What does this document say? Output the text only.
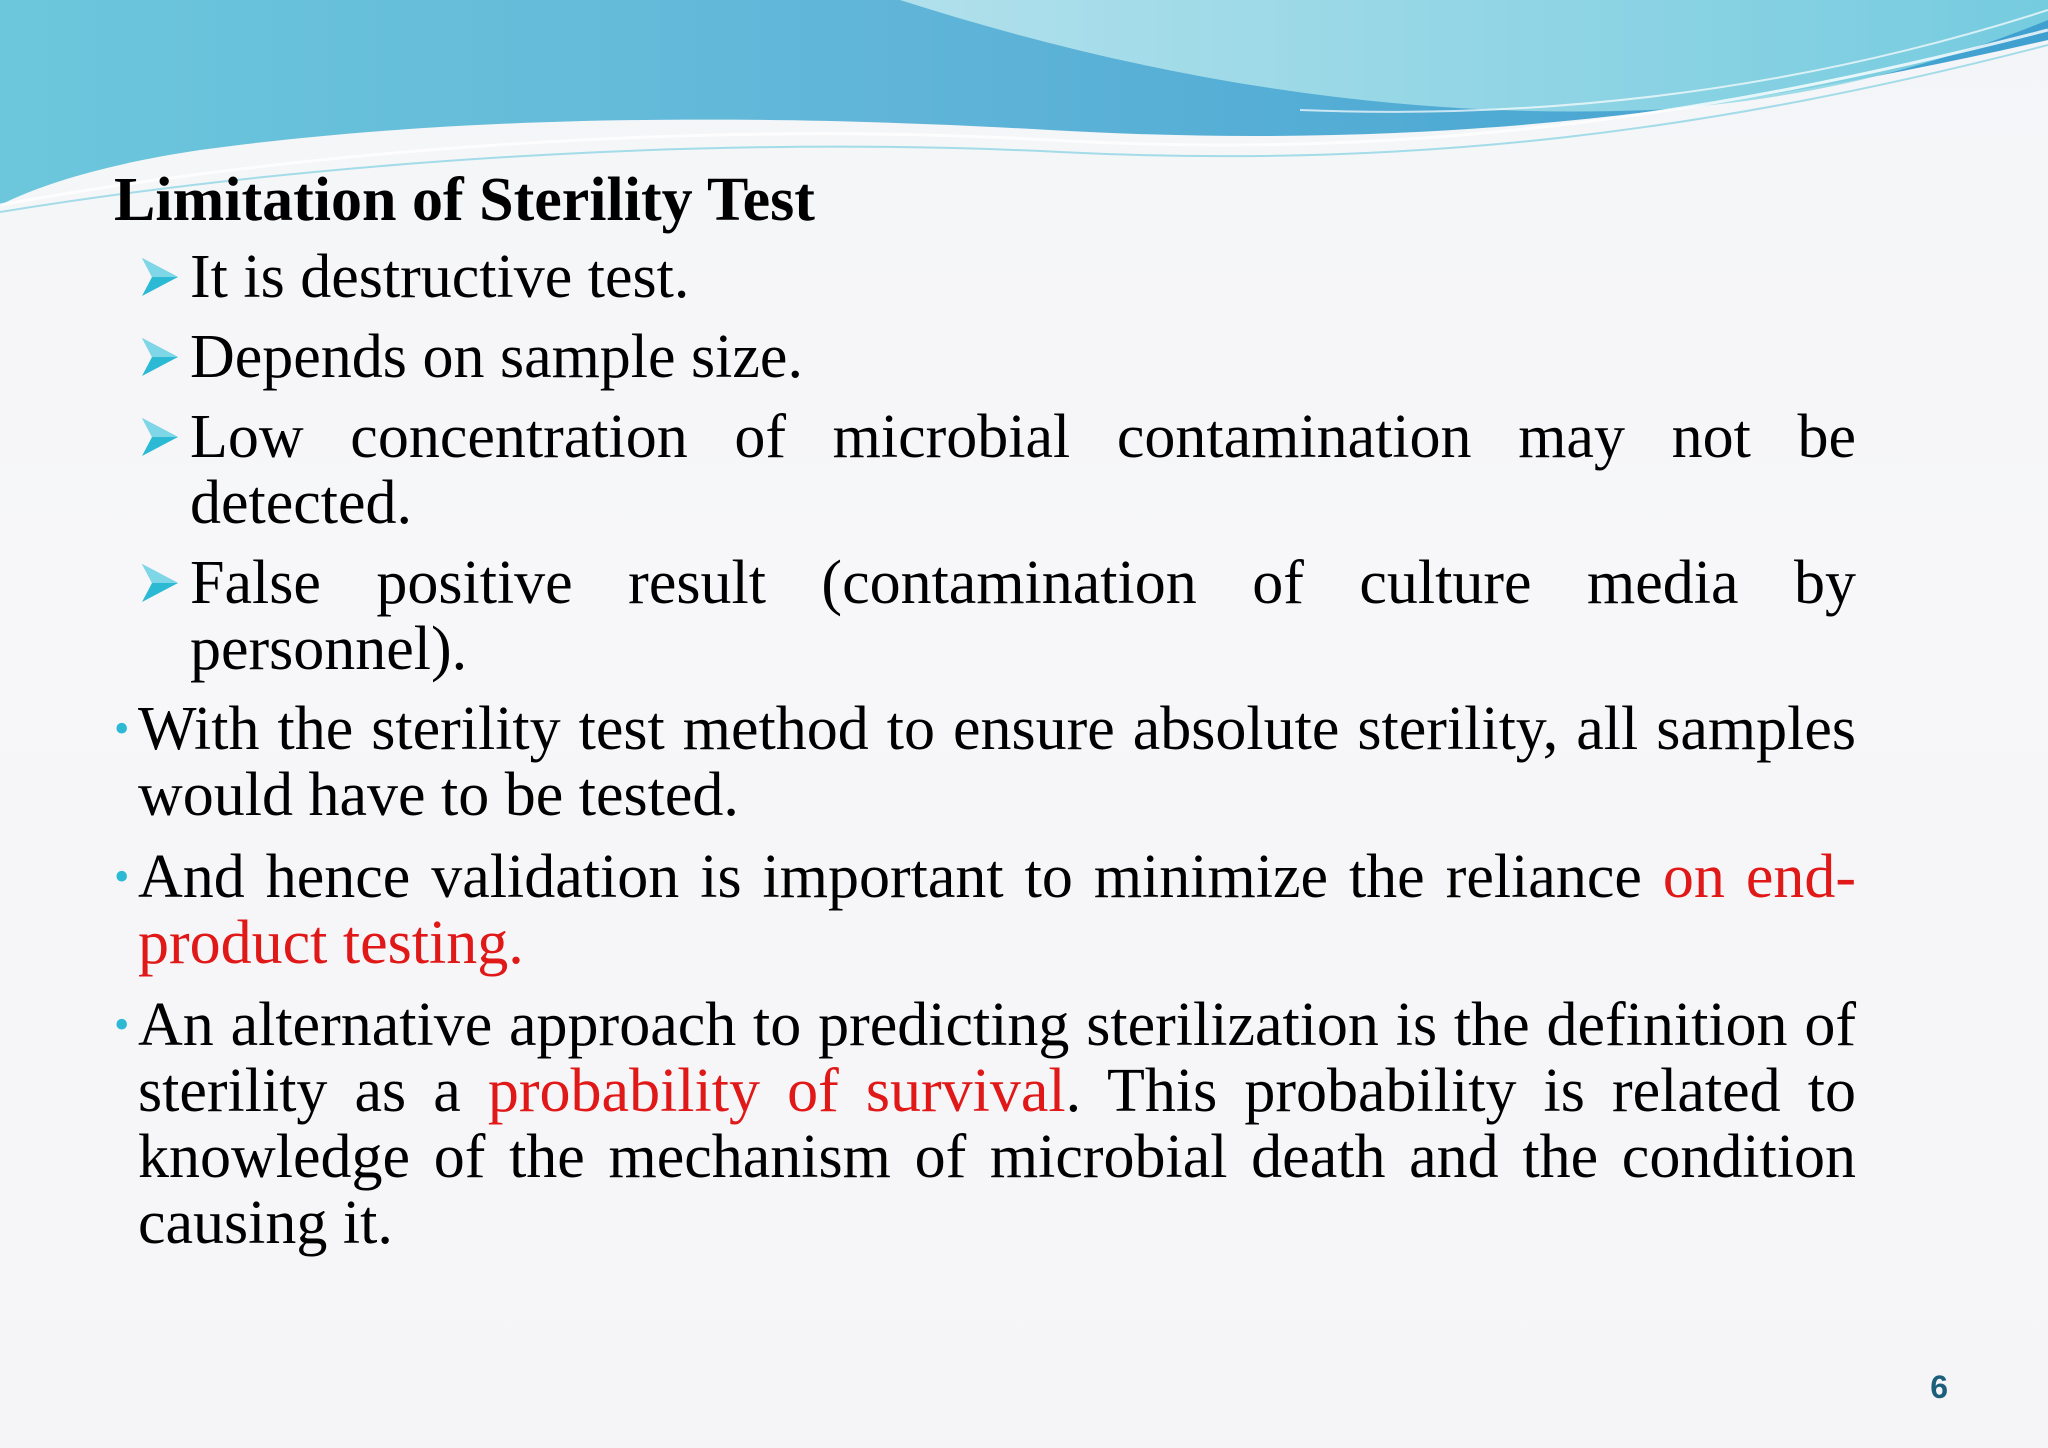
Limitation of Sterility Test
It is destructive test.
Depends on sample size.
Low concentration of microbial contamination may not be detected.
False positive result (contamination of culture media by personnel).
• With the sterility test method to ensure absolute sterility, all samples would have to be tested.
• And hence validation is important to minimize the reliance on end-product testing.
• An alternative approach to predicting sterilization is the definition of sterility as a probability of survival. This probability is related to knowledge of the mechanism of microbial death and the condition causing it.
6
